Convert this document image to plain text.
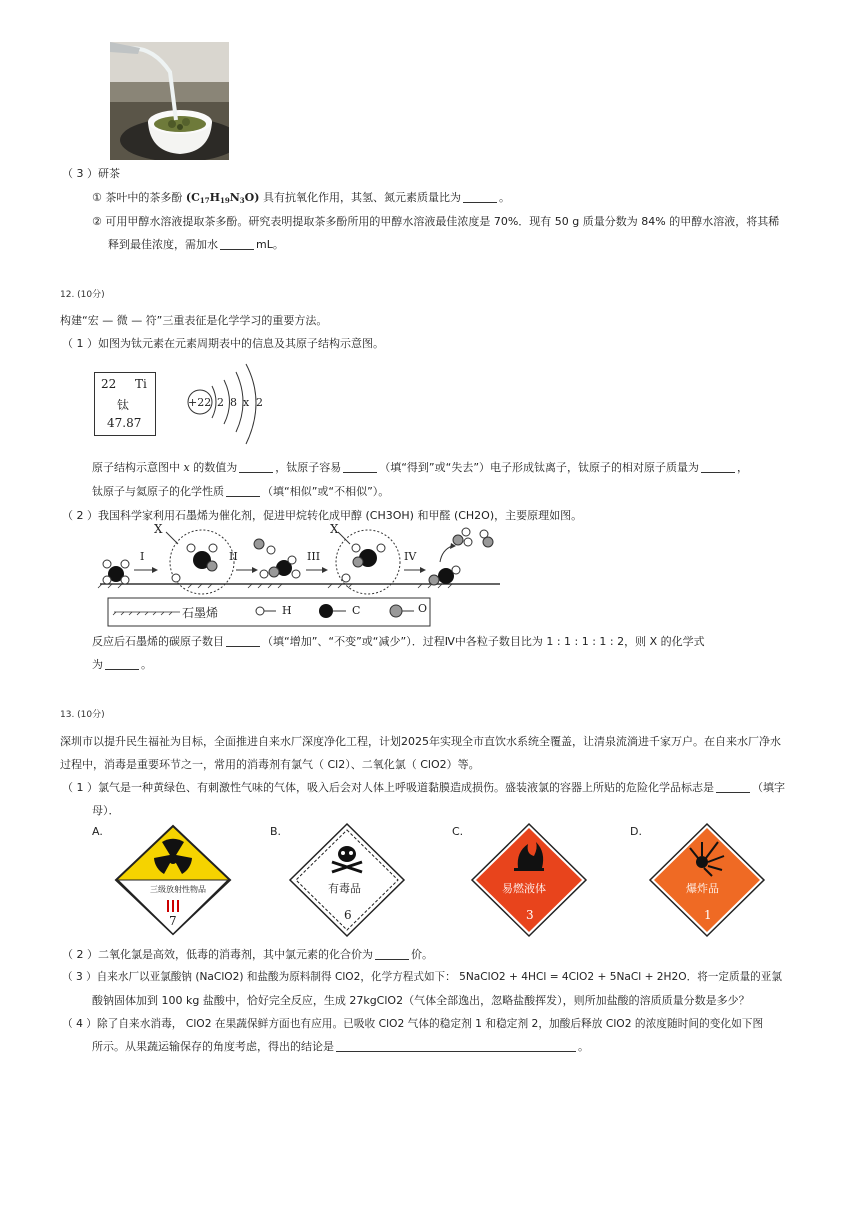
（ 3 ）研茶
① 茶叶中的茶多酚 $(C_{17}H_{19}N_3O)$ 具有抗氧化作用，其氢、氮元素质量比为	。
② 可用甲醇水溶液提取茶多酚。研究表明提取茶多酚所用的甲醇水溶液最佳浓度是 70%．现有 50 g 质量分数为 84% 的甲醇水溶液，将其稀
释到最佳浓度，需加水	mL。
12. (10分)
构建“宏 — 微 — 符”三重表征是化学学习的重要方法。
（ 1 ）如图为钛元素在元素周期表中的信息及其原子结构示意图。
22 Ti
钛
47.87
+22 2 8 x 2
原子结构示意图中 x 的数值为	，钛原子容易	（填“得到”或“失去”）电子形成钛离子，钛原子的相对原子质量为	，
钛原子与氦原子的化学性质	（填“相似”或“不相似”）。
（ 2 ）我国科学家利用石墨烯为催化剂，促进甲烷转化成甲醇 (CH3OH) 和甲醛 (CH2O)，主要原理如图。
I	II	III	IV
X	X
石墨烯	H	C	O
反应后石墨烯的碳原子数目	（填“增加”、“不变”或“减少”）．过程Ⅳ中各粒子数目比为 1 : 1 : 1 : 1 : 2，则 X 的化学式
为	。
13. (10分)
深圳市以提升民生福祉为目标，全面推进自来水厂深度净化工程，计划2025年实现全市直饮水系统全覆盖，让清泉流淌进千家万户。在自来水厂净水
过程中，消毒是重要环节之一，常用的消毒剂有氯气（ Cl2）、二氧化氯（ ClO2）等。
（ 1 ）氯气是一种黄绿色、有刺激性气味的气体，吸入后会对人体上呼吸道黏膜造成损伤。盛装液氯的容器上所贴的危险化学品标志是	（填字
母）．
A.
三级放射性物品
7
B.
有毒品
6
C.
易燃液体
3
D.
爆炸品
1
（ 2 ）二氧化氯是高效，低毒的消毒剂，其中氯元素的化合价为	价。
（ 3 ）自来水厂以亚氯酸钠 (NaClO2) 和盐酸为原料制得 ClO2，化学方程式如下： 5NaClO2 + 4HCl = 4ClO2 + 5NaCl + 2H2O．将一定质量的亚氯
酸钠固体加到 100 kg 盐酸中，恰好完全反应，生成 27kgClO2（气体全部逸出，忽略盐酸挥发），则所加盐酸的溶质质量分数是多少？
（ 4 ）除了自来水消毒， ClO2 在果蔬保鲜方面也有应用。已吸收 ClO2 气体的稳定剂 1 和稳定剂 2，加酸后释放 ClO2 的浓度随时间的变化如下图
所示。从果蔬运输保存的角度考虑，得出的结论是	。
